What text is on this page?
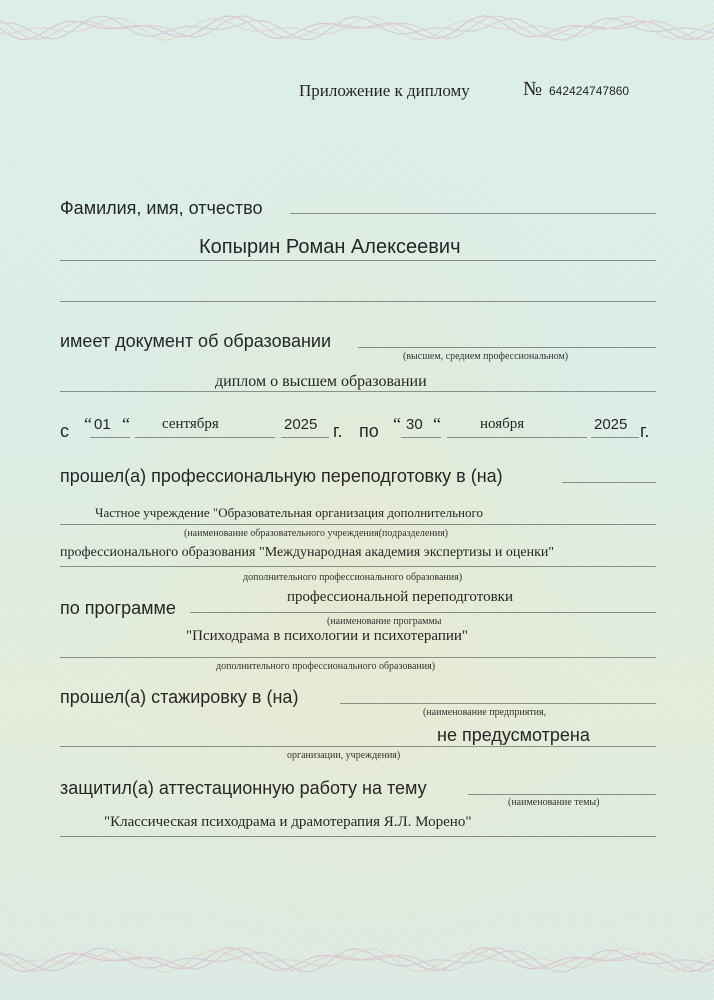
Приложение к дипломy	№ 642424747860
Фамилия, имя, отчество
Копырин Роман Алексеевич
имеет документ об образовании
(высшем, средием профессиональном)
диплом о высшем образовании
с “ 01 “ сентября	2025 г. по “ 30 “	ноября	2025 г.
прошел(а) профессиональную переподготовку в (на)
Частное учреждение "Образовательная организация дополнительного
(наименование образовательного учреждения(подразделения)
профессионального образования "Международная академия экспертизы и оценки"
дополнительного профессионального образования)
по программе
профессиональной переподготовки
(наименование программы
"Психодрама в психологии и психотерапии"
дополнительного профессионального образования)
прошел(а) стажировку в (на)
(наименование предприятия,
не предусмотрена
организации, учреждения)
защитил(а) аттестационную работу на тему
(наименование темы)
"Классическая психодрама и драмотерапия Я.Л. Морено"
